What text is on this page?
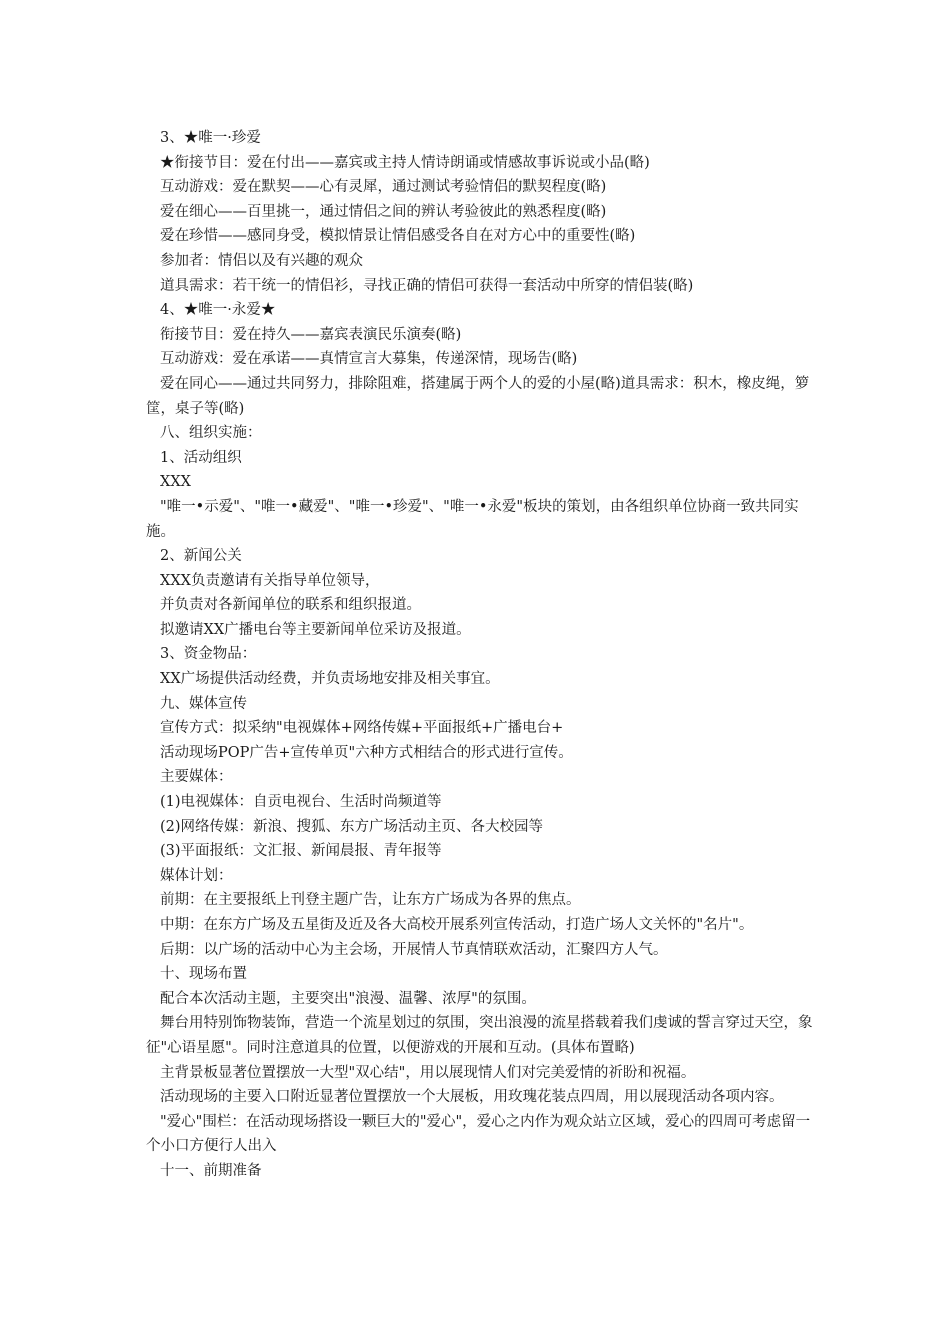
3、★唯一·珍爱

★衔接节目：爱在付出——嘉宾或主持人情诗朗诵或情感故事诉说或小品(略)

互动游戏：爱在默契——心有灵犀，通过测试考验情侣的默契程度(略)

爱在细心——百里挑一，通过情侣之间的辨认考验彼此的熟悉程度(略)

爱在珍惜——感同身受，模拟情景让情侣感受各自在对方心中的重要性(略)

参加者：情侣以及有兴趣的观众

道具需求：若干统一的情侣衫，寻找正确的情侣可获得一套活动中所穿的情侣装(略)

4、★唯一·永爱★

衔接节目：爱在持久——嘉宾表演民乐演奏(略)

互动游戏：爱在承诺——真情宣言大募集，传递深情，现场告(略)

爱在同心——通过共同努力，排除阻难，搭建属于两个人的爱的小屋(略)道具需求：积木，橡皮绳，箩筐，桌子等(略)

八、组织实施：

1、活动组织

XXX

"唯一•示爱"、"唯一•藏爱"、"唯一•珍爱"、"唯一•永爱"板块的策划，由各组织单位协商一致共同实施。

2、新闻公关

XXX负责邀请有关指导单位领导，

并负责对各新闻单位的联系和组织报道。

拟邀请XX广播电台等主要新闻单位采访及报道。

3、资金物品：

XX广场提供活动经费，并负责场地安排及相关事宜。

九、媒体宣传

宣传方式：拟采纳"电视媒体+网络传媒+平面报纸+广播电台+

活动现场POP广告+宣传单页"六种方式相结合的形式进行宣传。

主要媒体：

(1)电视媒体：自贡电视台、生活时尚频道等

(2)网络传媒：新浪、搜狐、东方广场活动主页、各大校园等

(3)平面报纸：文汇报、新闻晨报、青年报等

媒体计划：

前期：在主要报纸上刊登主题广告，让东方广场成为各界的焦点。

中期：在东方广场及五星街及近及各大高校开展系列宣传活动，打造广场人文关怀的"名片"。

后期：以广场的活动中心为主会场，开展情人节真情联欢活动，汇聚四方人气。

十、现场布置

配合本次活动主题，主要突出"浪漫、温馨、浓厚"的氛围。

舞台用特别饰物装饰，营造一个流星划过的氛围，突出浪漫的流星搭载着我们虔诚的誓言穿过天空，象征"心语星愿"。同时注意道具的位置，以便游戏的开展和互动。(具体布置略)

主背景板显著位置摆放一大型"双心结"，用以展现情人们对完美爱情的祈盼和祝福。

活动现场的主要入口附近显著位置摆放一个大展板，用玫瑰花装点四周，用以展现活动各项内容。

"爱心"围栏：在活动现场搭设一颗巨大的"爱心"，爱心之内作为观众站立区域，爱心的四周可考虑留一个小口方便行人出入

十一、前期准备
